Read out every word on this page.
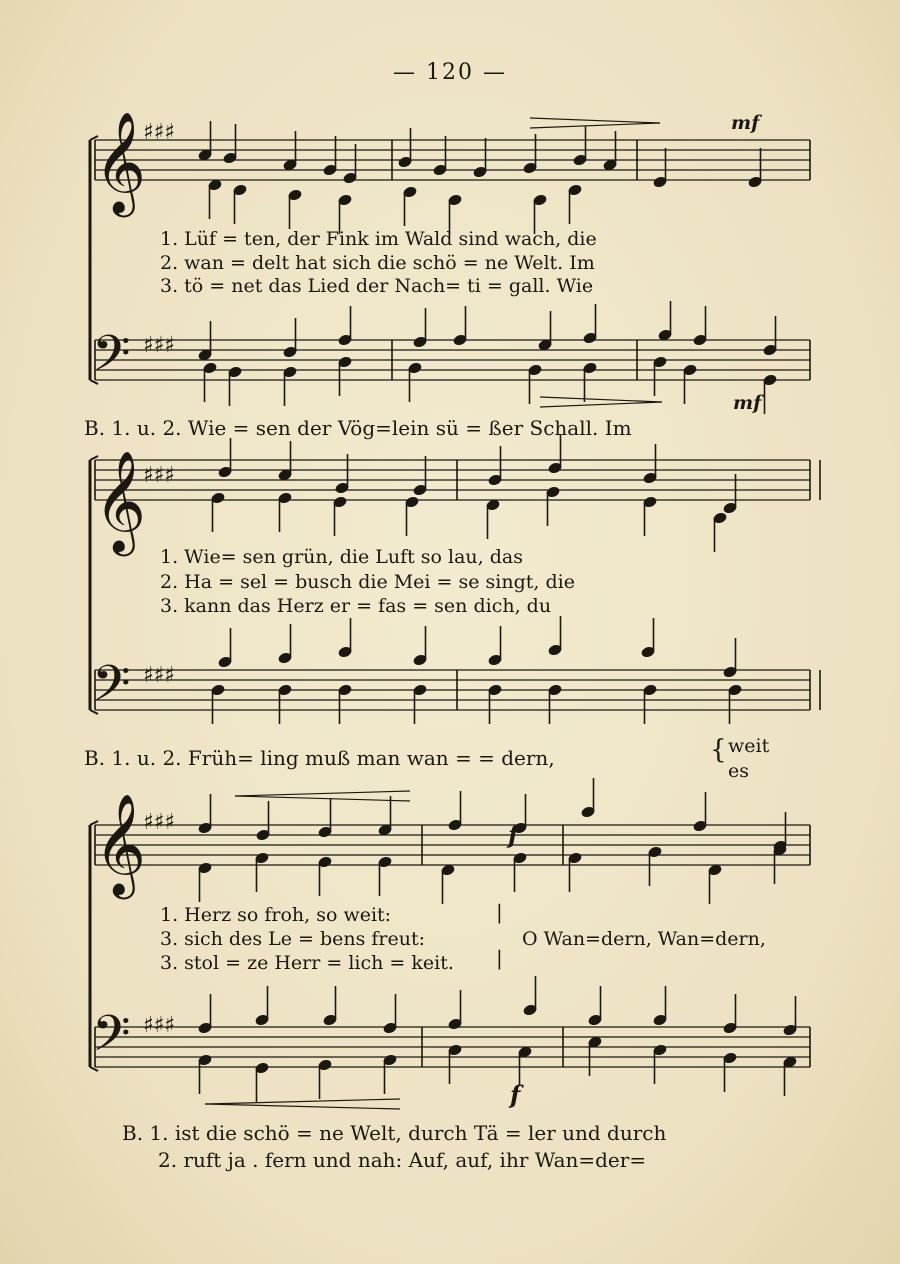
— 120 —
𝄞
𝄢
𝄞
𝄢
𝄞
𝄢
♯♯♯
♯♯♯
♯♯♯
♯♯♯
♯♯♯
♯♯♯
mf
mf
f
f
1. Lüf = ten, der Fink im Wald sind wach, die
2. wan = delt hat sich die schö = ne Welt. Im
3. tö = net das Lied der Nach= ti = gall. Wie
B. 1. u. 2. Wie = sen der Vög=lein sü = ßer Schall. Im
1. Wie= sen grün, die Luft so lau, das
2. Ha = sel = busch die Mei = se singt, die
3. kann das Herz er = fas = sen dich, du
B. 1. u. 2. Früh= ling muß man wan = = dern,	{ weit
es
1. Herz so froh, so weit:
3. sich des Le = bens freut:
3. stol = ze Herr = lich = keit.
|
|
O Wan=dern, Wan=dern,
B. 1. ist die schö = ne Welt, durch Tä = ler und durch
2. ruft ja . fern und nah: Auf, auf, ihr Wan=der=
